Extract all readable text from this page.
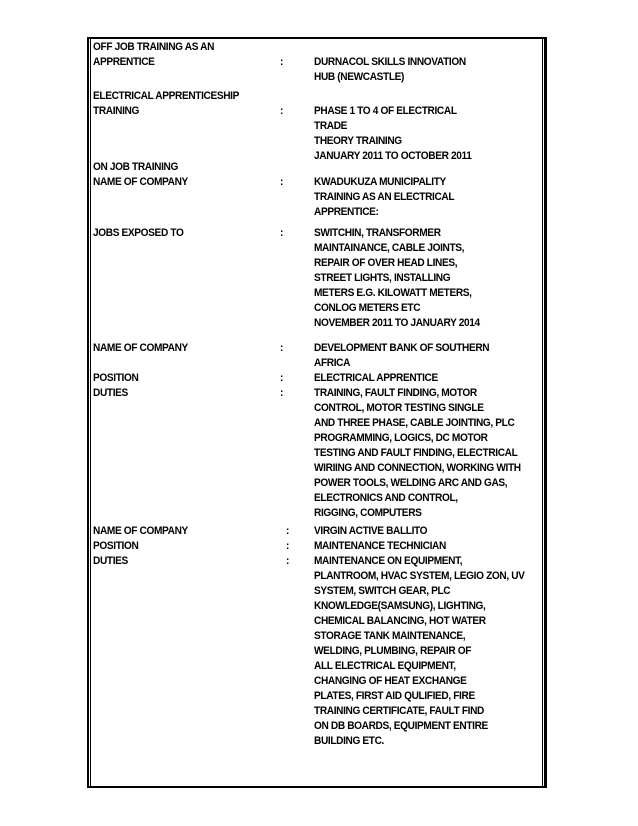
OFF JOB TRAINING AS AN
APPRENTICE	:	DURNACOL SKILLS INNOVATION
HUB (NEWCASTLE)
ELECTRICAL APPRENTICESHIP
TRAINING	:	PHASE 1 TO 4 OF ELECTRICAL
TRADE
THEORY TRAINING
JANUARY 2011 TO OCTOBER 2011
ON JOB TRAINING
NAME OF COMPANY	:	KWADUKUZA MUNICIPALITY
TRAINING AS AN ELECTRICAL
APPRENTICE:
JOBS EXPOSED TO	:	SWITCHIN, TRANSFORMER
MAINTAINANCE, CABLE JOINTS,
REPAIR OF OVER HEAD LINES,
STREET LIGHTS, INSTALLING
METERS E.G. KILOWATT METERS,
CONLOG METERS ETC
NOVEMBER 2011 TO JANUARY 2014
NAME OF COMPANY	:	DEVELOPMENT BANK OF SOUTHERN
AFRICA
POSITION	:	ELECTRICAL APPRENTICE
DUTIES	:	TRAINING, FAULT FINDING, MOTOR
CONTROL, MOTOR TESTING SINGLE
AND THREE PHASE, CABLE JOINTING, PLC
PROGRAMMING, LOGICS, DC MOTOR
TESTING AND FAULT FINDING, ELECTRICAL
WIRIING AND CONNECTION, WORKING WITH
POWER TOOLS, WELDING ARC AND GAS,
ELECTRONICS AND CONTROL,
RIGGING, COMPUTERS
NAME OF COMPANY	: VIRGIN ACTIVE BALLITO
POSITION	: MAINTENANCE TECHNICIAN
DUTIES	: MAINTENANCE ON EQUIPMENT,
PLANTROOM, HVAC SYSTEM, LEGIO ZON, UV
SYSTEM, SWITCH GEAR, PLC
KNOWLEDGE(SAMSUNG), LIGHTING,
CHEMICAL BALANCING, HOT WATER
STORAGE TANK MAINTENANCE,
WELDING, PLUMBING, REPAIR OF
ALL ELECTRICAL EQUIPMENT,
CHANGING OF HEAT EXCHANGE
PLATES, FIRST AID QULIFIED, FIRE
TRAINING CERTIFICATE, FAULT FIND
ON DB BOARDS, EQUIPMENT ENTIRE
BUILDING ETC.
